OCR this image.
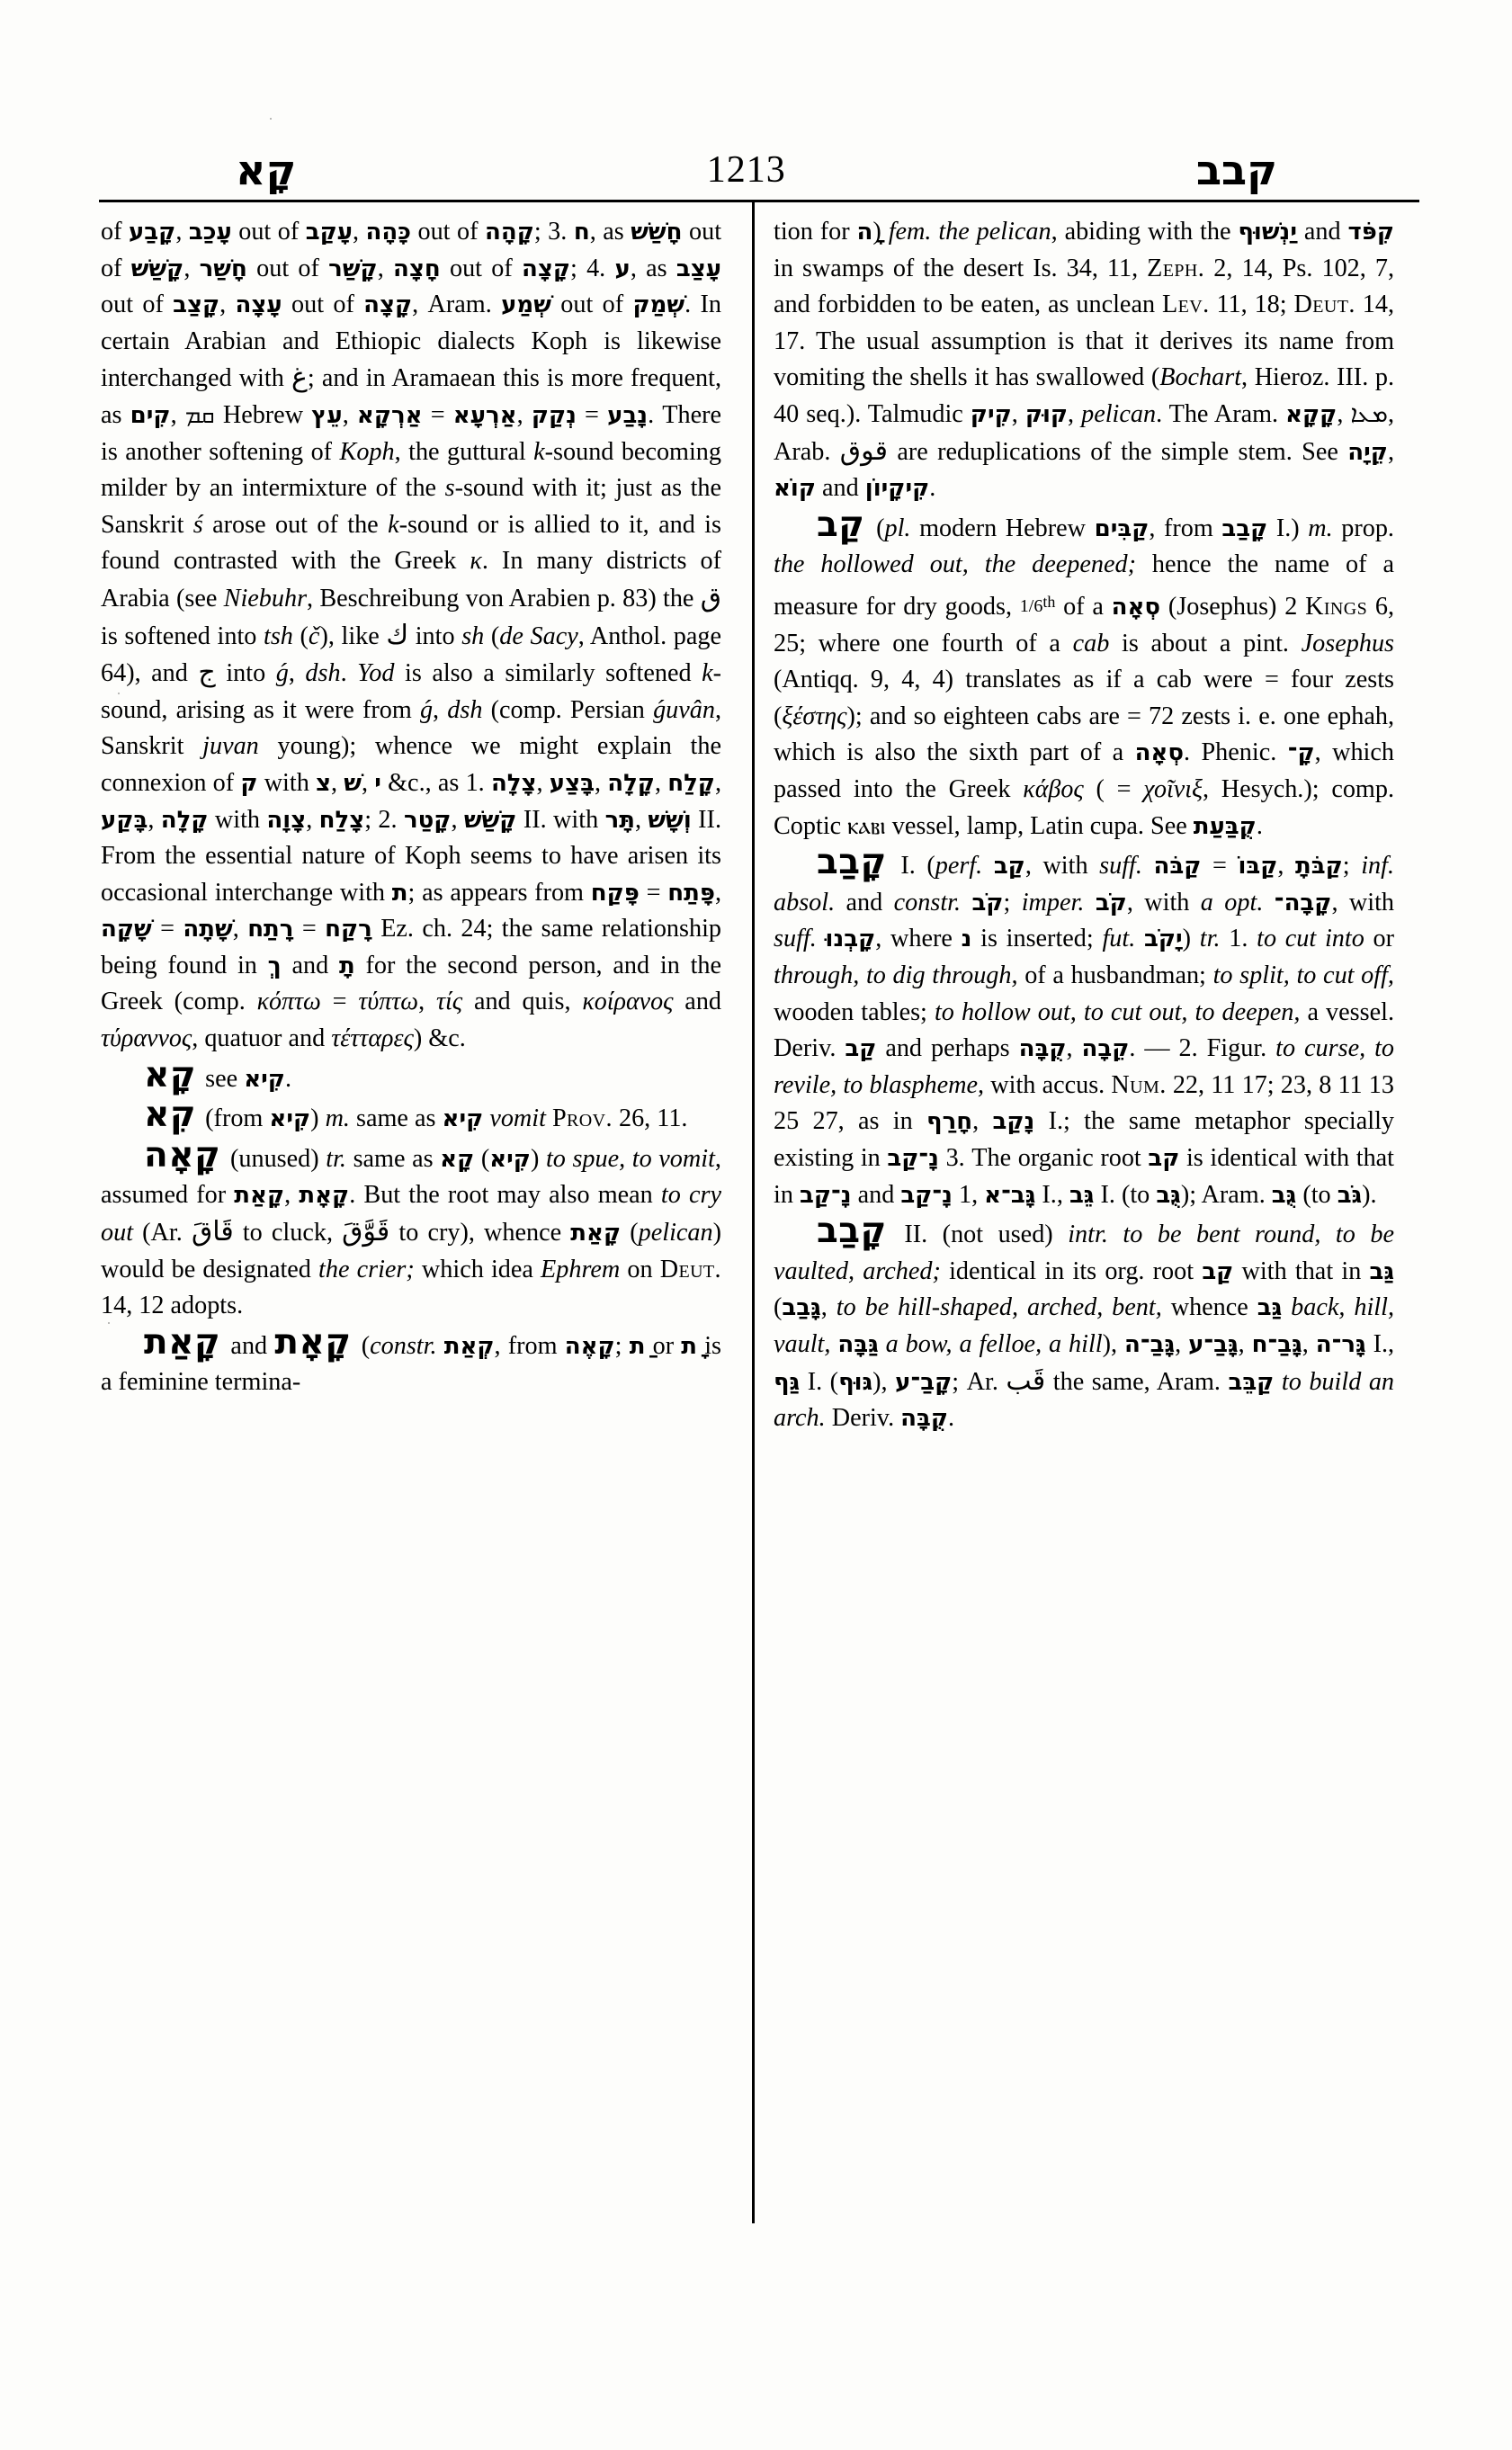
קָא	1213	קבב

of קָבַע, עָכַב out of עָקַב, כָּהָה out of קָהָה; 3. ח, as חָשַׁשׁ out of קָשַׁשׁ, חָשַׁר out of קָשַׁר, חָצָה out of קָצָה; 4. ע, as עָצַב out of קָצַב, עָצָה out of קָצָה, Aram. שְׁמַע out of שְׁמַק. In certain Arabian and Ethiopic dialects Koph is likewise interchanged with غ; and in Aramaean this is more frequent, as קִים, ܩܡ Hebrew עֵץ, אַרְקָא = אַרְעָא, נְקַק = נָבַע. There is another softening of Koph, the guttural k-sound becoming milder by an intermixture of the s-sound with it; just as the Sanskrit ś arose out of the k-sound or is allied to it, and is found contrasted with the Greek κ. In many districts of Arabia (see Niebuhr, Beschreibung von Arabien p. 83) the ق is softened into tsh (č), like ك into sh (de Sacy, Anthol. page 64), and ج into ǵ, dsh. Yod is also a similarly softened k-sound, arising as it were from ǵ, dsh (comp. Persian ǵuvân, Sanskrit juvan young); whence we might explain the connexion of ק with צ, שׁ, י &c., as 1. צָלָה, בָּצַע, קָלָה, קָלַח, בָּקַע, קָלָה with צָוָה, צָלַח; 2. קָטַר, קָשַׁשׁ II. with תָּר, וְשָׁשׁ II. From the essential nature of Koph seems to have arisen its occasional interchange with ת; as appears from פָּקַח = פָּתַח, שָׁקָה = שָׁתָה, רָתַח = רָקַח Ez. ch. 24; the same relationship being found in ךְ and תָ for the second person, and in the Greek (comp. κόπτω = τύπτω, τίς and quis, κοίρανος and τύραννος, quatuor and τέτταρες) &c.

קָא see קִיא.

קִא (from קִיא) m. same as קִיא vomit Prov. 26, 11.

קָאָה (unused) tr. same as קָא (קִיא) to spue, to vomit, assumed for קָאַת, קָאָת. But the root may also mean to cry out (Ar. قَاقَ to cluck, قَوَّقَ to cry), whence קָאַת (pelican) would be designated the crier; which idea Ephrem on Deut. 14, 12 adopts.

קָאַת and קָאָת (constr. קְאַת, from קָאֶה; ַת or ָת is a feminine termina-

tion for ָה) fem. the pelican, abiding with the יַנְשׁוּף and קִפֹּד in swamps of the desert Is. 34, 11, Zeph. 2, 14, Ps. 102, 7, and forbidden to be eaten, as unclean Lev. 11, 18; Deut. 14, 17. The usual assumption is that it derives its name from vomiting the shells it has swallowed (Bochart, Hieroz. III. p. 40 seq.). Talmudic קִיק, קוּק, pelican. The Aram. קָקָא, ܡܥܐ, Arab. قوق are reduplications of the simple stem. See קֵיָה, קוֹא and קִיקָיוֹן.

קַב (pl. modern Hebrew קַבִּים, from קָבַב I.) m. prop. the hollowed out, the deepened; hence the name of a measure for dry goods, 1/6th of a סְאָה (Josephus) 2 Kings 6, 25; where one fourth of a cab is about a pint. Josephus (Antiqq. 9, 4, 4) translates as if a cab were = four zests (ξέστης); and so eighteen cabs are = 72 zests i. e. one ephah, which is also the sixth part of a סְאָה. Phenic. קָ־, which passed into the Greek κάβος ( = χοῖνιξ, Hesych.); comp. Coptic ⲕⲁⲃⲓ vessel, lamp, Latin cupa. See קֻבַּעַת.

קָבַב I. (perf. קַב, with suff. קַבֹּה = קַבּוֹ, קַבֹּתָ; inf. absol. and constr. קֹב; imper. קֹב, with a opt. קָבָה־, with suff. קָבְנוּ, where נ is inserted; fut. יָקֹב) tr. 1. to cut into or through, to dig through, of a husbandman; to split, to cut off, wooden tables; to hollow out, to cut out, to deepen, a vessel. Deriv. קַב and perhaps קֻבָּה, קֵבָה. — 2. Figur. to curse, to revile, to blaspheme, with accus. Num. 22, 11 17; 23, 8 11 13 25 27, as in חָרַף, נָקַב I.; the same metaphor specially existing in נָ־קַב 3. The organic root קב is identical with that in נָ־קַב and נָ־קַב 1, גָּב־א I., גֵּב I. (to גֻּב); Aram. גֻּב (to גֹּב).

קָבַב II. (not used) intr. to be bent round, to be vaulted, arched; identical in its org. root קַב with that in גַּב (גָּבַב, to be hill-shaped, arched, bent, whence גַּב back, hill, vault, גַּבָּה a bow, a felloe, a hill), גָּבַ־ה, גָּבַ־ע, גָּבַ־ח, גָּר־ה I., גַּף I. (גּוּף), קָבַ־ע; Ar. قَب the same, Aram. קַבֵּב to build an arch. Deriv. קֻבָּה.
